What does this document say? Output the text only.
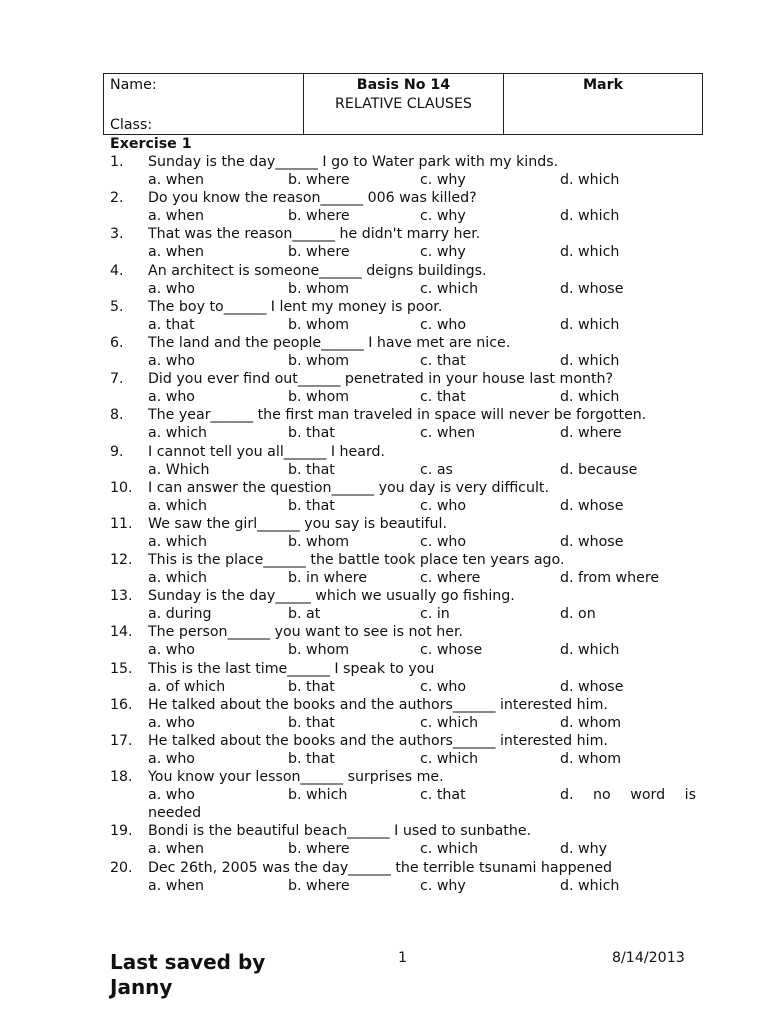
Name:
Class:
Basis No 14
RELATIVE CLAUSES
Mark
Exercise 1
1. Sunday is the day______ I go to Water park with my kinds.
a. when	b. where	c. why	d. which
2. Do you know the reason______ 006 was killed?
a. when	b. where	c. why	d. which
3. That was the reason______ he didn't marry her.
a. when	b. where	c. why	d. which
4. An architect is someone______ deigns buildings.
a. who	b. whom	c. which	d. whose
5. The boy to______ I lent my money is poor.
a. that	b. whom	c. who	d. which
6. The land and the people______ I have met are nice.
a. who	b. whom	c. that	d. which
7. Did you ever find out______ penetrated in your house last month?
a. who	b. whom	c. that	d. which
8. The year______ the first man traveled in space will never be forgotten.
a. which	b. that	c. when	d. where
9. I cannot tell you all______ I heard.
a. Which	b. that	c. as	d. because
10. I can answer the question______ you day is very difficult.
a. which	b. that	c. who	d. whose
11. We saw the girl______ you say is beautiful.
a. which	b. whom	c. who	d. whose
12. This is the place______ the battle took place ten years ago.
a. which	b. in where	c. where	d. from where
13. Sunday is the day_____ which we usually go fishing.
a. during	b. at	c. in	d. on
14. The person______ you want to see is not her.
a. who	b. whom	c. whose	d. which
15. This is the last time______ I speak to you
a. of which	b. that	c. who	d. whose
16. He talked about the books and the authors______ interested him.
a. who	b. that	c. which	d. whom
17. He talked about the books and the authors______ interested him.
a. who	b. that	c. which	d. whom
18. You know your lesson______ surprises me.
a. who	b. which	c. that	d. no word is
needed
19. Bondi is the beautiful beach______ I used to sunbathe.
a. when	b. where	c. which	d. why
20. Dec 26th, 2005 was the day______ the terrible tsunami happened
a. when	b. where	c. why	d. which
Last saved by Janny
1	8/14/2013
